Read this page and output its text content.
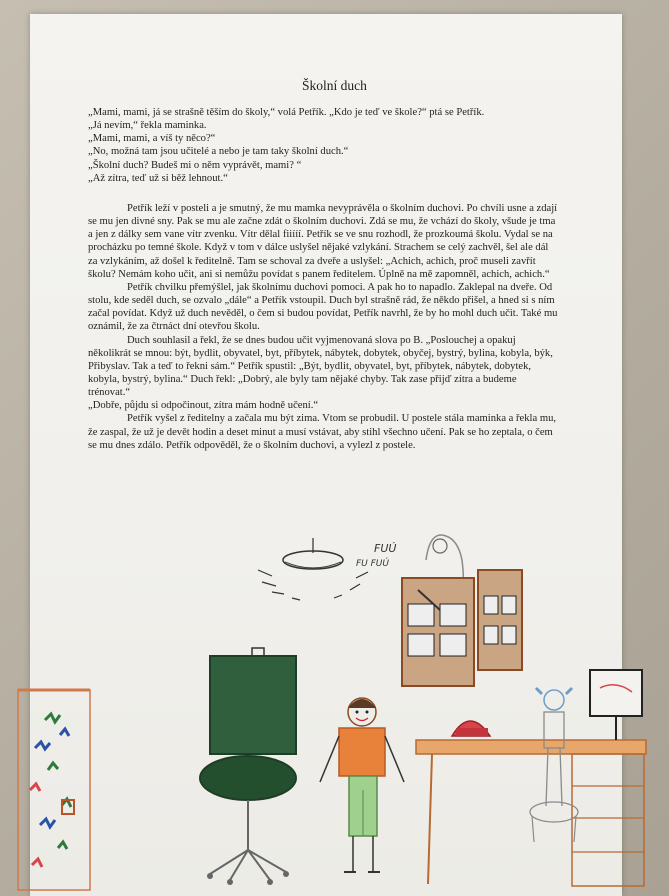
Školní duch

„Mami, mami, já se strašně těším do školy,“ volá Petřík. „Kdo je teď ve škole?“ ptá se Petřík.

„Já nevím,“ řekla maminka.

„Mami, mami, a víš ty něco?“

„No, možná tam jsou učitelé a nebo je tam taky školní duch.“

„Školní duch? Budeš mi o něm vyprávět, mami? “

„Až zítra, teď už si běž lehnout.“

Petřík leží v posteli a je smutný, že mu mamka nevyprávěla o školním duchovi. Po chvíli usne a zdají se mu jen divné sny. Pak se mu ale začne zdát o školním duchovi. Zdá se mu, že vchází do školy, všude je tma a jen z dálky sem vane vítr zvenku. Vítr dělal fiiííí. Petřík se ve snu rozhodl, že prozkoumá školu. Vydal se na procházku po temné škole. Když v tom v dálce uslyšel nějaké vzlykání. Strachem se celý zachvěl, šel ale dál za vzlykáním, až došel k ředitelně. Tam se schoval za dveře a uslyšel: „Achich, achich, proč museli zavřít školu? Nemám koho učit, ani si nemůžu povídat s panem ředitelem. Úplně na mě zapomněl, achich, achich.“

Petřík chvilku přemýšlel, jak školnímu duchovi pomoci. A pak ho to napadlo. Zaklepal na dveře. Od stolu, kde seděl duch, se ozvalo „dále“ a Petřík vstoupil. Duch byl strašně rád, že někdo přišel, a hned si s ním začal povídat. Když už duch nevěděl, o čem si budou povídat, Petřík navrhl, že by ho mohl duch učit. Také mu oznámil, že za čtrnáct dní otevřou školu.

Duch souhlasil a řekl, že se dnes budou učit vyjmenovaná slova po B. „Poslouchej a opakuj několikrát se mnou: být, bydlit, obyvatel, byt, příbytek, nábytek, dobytek, obyčej, bystrý, bylina, kobyla, býk, Přibyslav. Tak a teď to řekni sám.“ Petřík spustil: „Být, bydlit, obyvatel, byt, příbytek, nábytek, dobytek, kobyla, bystrý, bylina.“ Duch řekl: „Dobrý, ale byly tam nějaké chyby. Tak zase přijď zítra a budeme trénovat.“

„Dobře, půjdu si odpočinout, zítra mám hodně učení.“

Petřík vyšel z ředitelny a začala mu být zima. Vtom se probudil. U postele stála maminka a řekla mu, že zaspal, že už je devět hodin a deset minut a musí vstávat, aby stihl všechno učení. Pak se ho zeptala, o čem se mu dnes zdálo. Petřík odpověděl, že o školním duchovi, a vylezl z postele.

FUÚ
FU FUÚ
